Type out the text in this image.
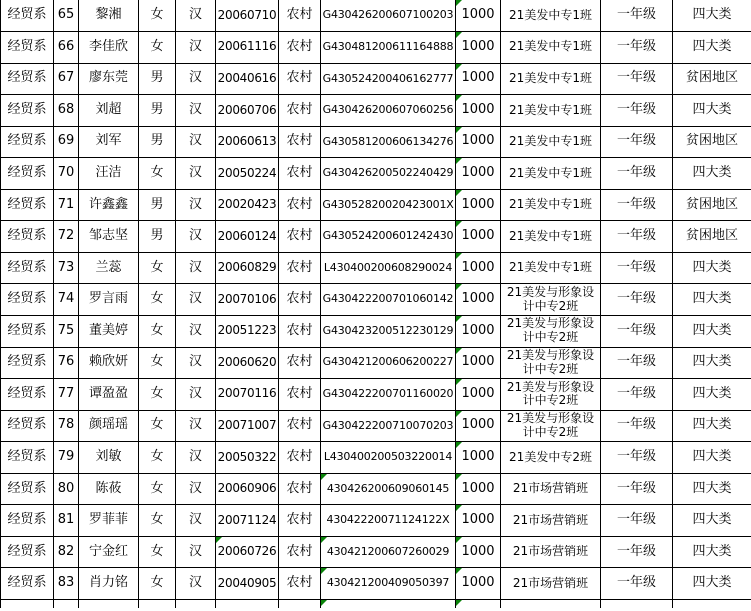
经贸系	65	黎湘	女	汉	20060710	农村	G430426200607100203	1000	21美发中专1班	一年级	四大类
经贸系	66	李佳欣	女	汉	20061116	农村	G430481200611164888	1000	21美发中专1班	一年级	四大类
经贸系	67	廖东莞	男	汉	20040616	农村	G430524200406162777	1000	21美发中专1班	一年级	贫困地区
经贸系	68	刘超	男	汉	20060706	农村	G430426200607060256	1000	21美发中专1班	一年级	四大类
经贸系	69	刘军	男	汉	20060613	农村	G430581200606134276	1000	21美发中专1班	一年级	贫困地区
经贸系	70	汪洁	女	汉	20050224	农村	G430426200502240429	1000	21美发中专1班	一年级	四大类
经贸系	71	许鑫鑫	男	汉	20020423	农村	G43052820020423001X	1000	21美发中专1班	一年级	贫困地区
经贸系	72	邹志坚	男	汉	20060124	农村	G430524200601242430	1000	21美发中专1班	一年级	贫困地区
经贸系	73	兰蕊	女	汉	20060829	农村	L430400200608290024	1000	21美发中专1班	一年级	四大类
经贸系	74	罗言雨	女	汉	20070106	农村	G430422200701060142	1000	21美发与形象设计中专2班	一年级	四大类
经贸系	75	董美婷	女	汉	20051223	农村	G430423200512230129	1000	21美发与形象设计中专2班	一年级	四大类
经贸系	76	赖欣妍	女	汉	20060620	农村	G430421200606200227	1000	21美发与形象设计中专2班	一年级	四大类
经贸系	77	谭盈盈	女	汉	20070116	农村	G430422200701160020	1000	21美发与形象设计中专2班	一年级	四大类
经贸系	78	颜瑶瑶	女	汉	20071007	农村	G430422200710070203	1000	21美发与形象设计中专2班	一年级	四大类
经贸系	79	刘敏	女	汉	20050322	农村	L430400200503220014	1000	21美发中专2班	一年级	四大类
经贸系	80	陈莜	女	汉	20060906	农村	430426200609060145	1000	21市场营销班	一年级	四大类
经贸系	81	罗菲菲	女	汉	20071124	农村	43042220071124122X	1000	21市场营销班	一年级	四大类
经贸系	82	宁金红	女	汉	20060726	农村	430421200607260029	1000	21市场营销班	一年级	四大类
经贸系	83	肖力铭	女	汉	20040905	农村	430421200409050397	1000	21市场营销班	一年级	四大类
